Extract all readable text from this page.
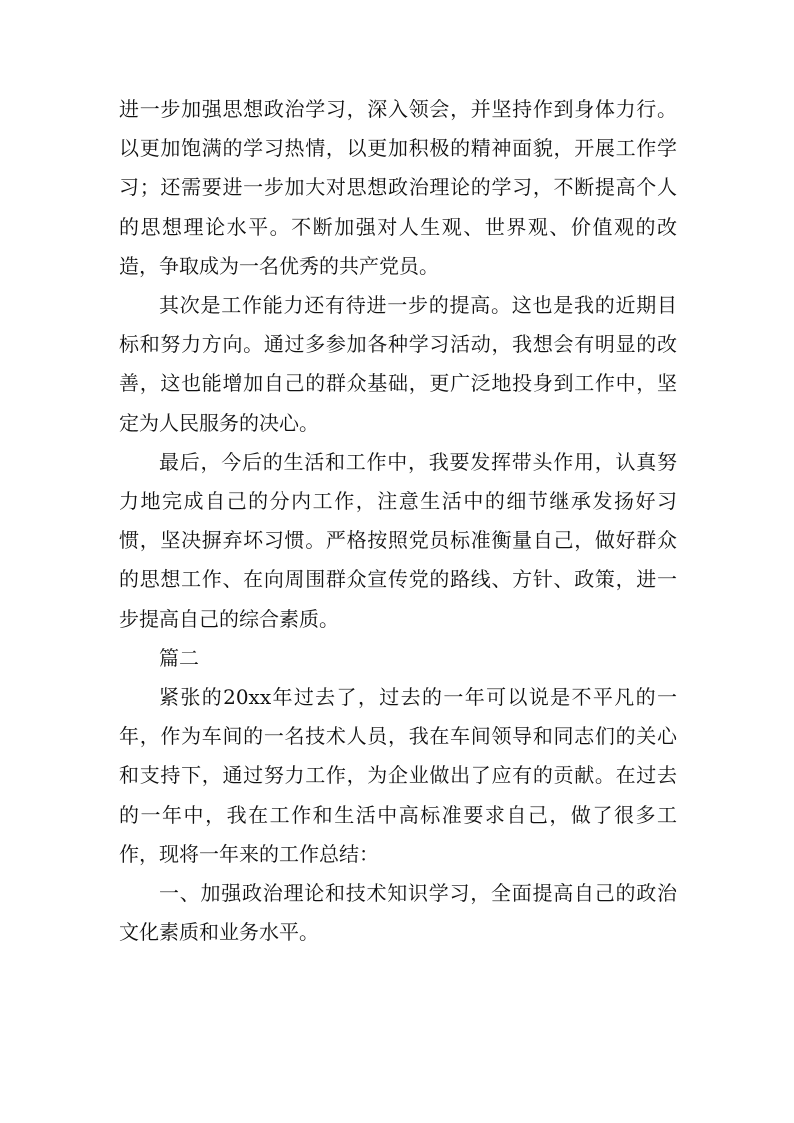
进一步加强思想政治学习，深入领会，并坚持作到身体力行。以更加饱满的学习热情，以更加积极的精神面貌，开展工作学习；还需要进一步加大对思想政治理论的学习，不断提高个人的思想理论水平。不断加强对人生观、世界观、价值观的改造，争取成为一名优秀的共产党员。

其次是工作能力还有待进一步的提高。这也是我的近期目标和努力方向。通过多参加各种学习活动，我想会有明显的改善，这也能增加自己的群众基础，更广泛地投身到工作中，坚定为人民服务的决心。

最后，今后的生活和工作中，我要发挥带头作用，认真努力地完成自己的分内工作，注意生活中的细节继承发扬好习惯，坚决摒弃坏习惯。严格按照党员标准衡量自己，做好群众的思想工作、在向周围群众宣传党的路线、方针、政策，进一步提高自己的综合素质。

篇二

紧张的20xx年过去了，过去的一年可以说是不平凡的一年，作为车间的一名技术人员，我在车间领导和同志们的关心和支持下，通过努力工作，为企业做出了应有的贡献。在过去的一年中，我在工作和生活中高标准要求自己，做了很多工作，现将一年来的工作总结：

一、加强政治理论和技术知识学习，全面提高自己的政治文化素质和业务水平。
